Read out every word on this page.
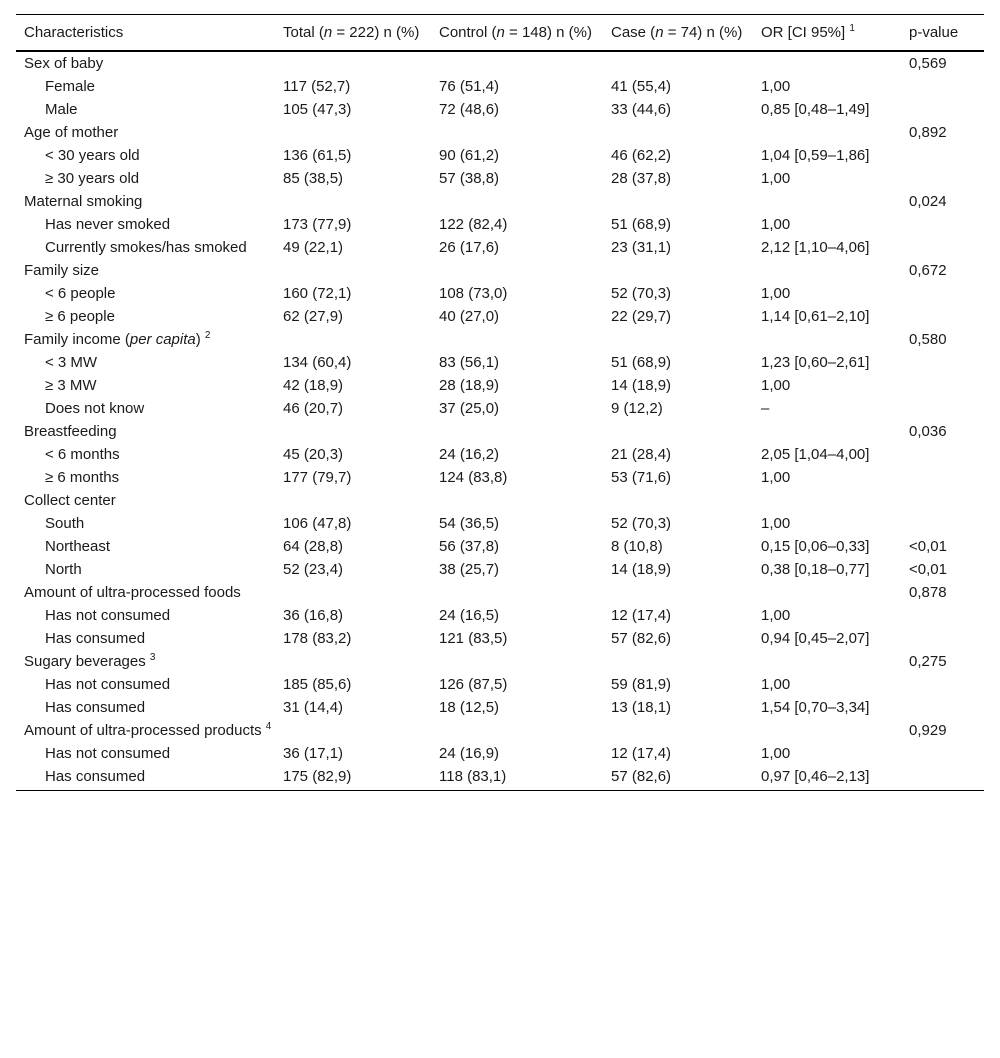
Characteristics	Total (n = 222) n (%)	Control (n = 148) n (%)	Case (n = 74) n (%)	OR [CI 95%] $^1$	p-value
Sex of baby					0,569
Female	117 (52,7)	76 (51,4)	41 (55,4)	1,00	
Male	105 (47,3)	72 (48,6)	33 (44,6)	0,85 [0,48–1,49]	
Age of mother					0,892
< 30 years old	136 (61,5)	90 (61,2)	46 (62,2)	1,04 [0,59–1,86]	
≥ 30 years old	85 (38,5)	57 (38,8)	28 (37,8)	1,00	
Maternal smoking					0,024
Has never smoked	173 (77,9)	122 (82,4)	51 (68,9)	1,00	
Currently smokes/has smoked	49 (22,1)	26 (17,6)	23 (31,1)	2,12 [1,10–4,06]	
Family size					0,672
< 6 people	160 (72,1)	108 (73,0)	52 (70,3)	1,00	
≥ 6 people	62 (27,9)	40 (27,0)	22 (29,7)	1,14 [0,61–2,10]	
Family income (per capita) $^2$					0,580
< 3 MW	134 (60,4)	83 (56,1)	51 (68,9)	1,23 [0,60–2,61]	
≥ 3 MW	42 (18,9)	28 (18,9)	14 (18,9)	1,00	
Does not know	46 (20,7)	37 (25,0)	9 (12,2)	–	
Breastfeeding					0,036
< 6 months	45 (20,3)	24 (16,2)	21 (28,4)	2,05 [1,04–4,00]	
≥ 6 months	177 (79,7)	124 (83,8)	53 (71,6)	1,00	
Collect center					
South	106 (47,8)	54 (36,5)	52 (70,3)	1,00	
Northeast	64 (28,8)	56 (37,8)	8 (10,8)	0,15 [0,06–0,33]	<0,01
North	52 (23,4)	38 (25,7)	14 (18,9)	0,38 [0,18–0,77]	<0,01
Amount of ultra-processed foods					0,878
Has not consumed	36 (16,8)	24 (16,5)	12 (17,4)	1,00	
Has consumed	178 (83,2)	121 (83,5)	57 (82,6)	0,94 [0,45–2,07]	
Sugary beverages $^3$					0,275
Has not consumed	185 (85,6)	126 (87,5)	59 (81,9)	1,00	
Has consumed	31 (14,4)	18 (12,5)	13 (18,1)	1,54 [0,70–3,34]	
Amount of ultra-processed products $^4$					0,929
Has not consumed	36 (17,1)	24 (16,9)	12 (17,4)	1,00	
Has consumed	175 (82,9)	118 (83,1)	57 (82,6)	0,97 [0,46–2,13]	
